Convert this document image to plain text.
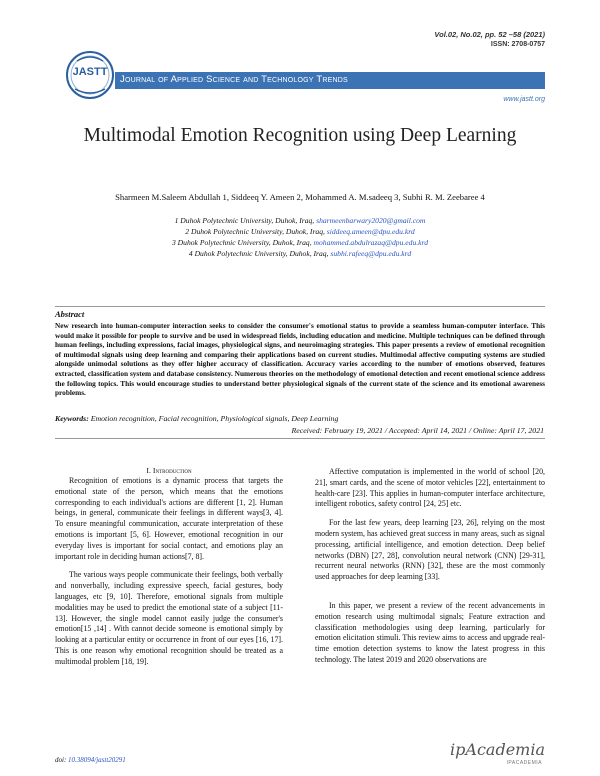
Vol.02, No.02, pp. 52 –58 (2021)
ISSN: 2708-0757
JASTT
Journal of Applied Science and Technology Trends
www.jastt.org
Multimodal Emotion Recognition using Deep Learning
Sharmeen M.Saleem Abdullah 1, Siddeeq Y. Ameen 2, Mohammed A. M.sadeeq 3, Subhi R. M. Zeebaree 4
1 Duhok Polytechnic University, Duhok, Iraq, sharmeenbarwary2020@gmail.com
2 Duhok Polytechnic University, Duhok, Iraq, siddeeq.ameen@dpu.edu.krd
3 Duhok Polytechnic University, Duhok, Iraq, mohammed.abdulrazaq@dpu.edu.krd
4 Duhok Polytechnic University, Duhok, Iraq, subhi.rafeeq@dpu.edu.krd
Abstract
New research into human-computer interaction seeks to consider the consumer's emotional status to provide a seamless human-computer interface. This would make it possible for people to survive and be used in widespread fields, including education and medicine. Multiple techniques can be defined through human feelings, including expressions, facial images, physiological signs, and neuroimaging strategies. This paper presents a review of emotional recognition of multimodal signals using deep learning and comparing their applications based on current studies. Multimodal affective computing systems are studied alongside unimodal solutions as they offer higher accuracy of classification. Accuracy varies according to the number of emotions observed, features extracted, classification system and database consistency. Numerous theories on the methodology of emotional detection and recent emotional science address the following topics. This would encourage studies to understand better physiological signals of the current state of the science and its emotional awareness problems.
Keywords: Emotion recognition, Facial recognition, Physiological signals, Deep Learning
Received: February 19, 2021 / Accepted: April 14, 2021 / Online: April 17, 2021
I. Introduction

Recognition of emotions is a dynamic process that targets the emotional state of the person, which means that the emotions corresponding to each individual's actions are different [1, 2]. Human beings, in general, communicate their feelings in different ways[3, 4]. To ensure meaningful communication, accurate interpretation of these emotions is important [5, 6]. However, emotional recognition in our everyday lives is important for social contact, and emotions play an important role in deciding human actions[7, 8].

The various ways people communicate their feelings, both verbally and nonverbally, including expressive speech, facial gestures, body languages, etc [9, 10]. Therefore, emotional signals from multiple modalities may be used to predict the emotional state of a subject [11-13]. However, the single model cannot easily judge the consumer's emotion[15 ,14] . With cannot decide someone is emotional simply by looking at a particular entity or occurrence in front of our eyes [16, 17]. This is one reason why emotional recognition should be treated as a multimodal problem [18, 19].

Affective computation is implemented in the world of school [20, 21], smart cards, and the scene of motor vehicles [22], entertainment to health-care [23]. This applies in human-computer interface architecture, intelligent robotics, safety control [24, 25] etc.

For the last few years, deep learning [23, 26], relying on the most modern system, has achieved great success in many areas, such as signal processing, artificial intelligence, and emotion detection. Deep belief networks (DBN) [27, 28], convolution neural network (CNN) [29-31], recurrent neural networks (RNN) [32], these are the most commonly used approaches for deep learning [33].

In this paper, we present a review of the recent advancements in emotion research using multimodal signals; Feature extraction and classification methodologies using deep learning, particularly for emotion elicitation stimuli. This review aims to access and upgrade real-time emotion detection systems to know the latest progress in this technology. The latest 2019 and 2020 observations are

doi: 10.38094/jastt20291
ipAcademia
IPACADEMIA
